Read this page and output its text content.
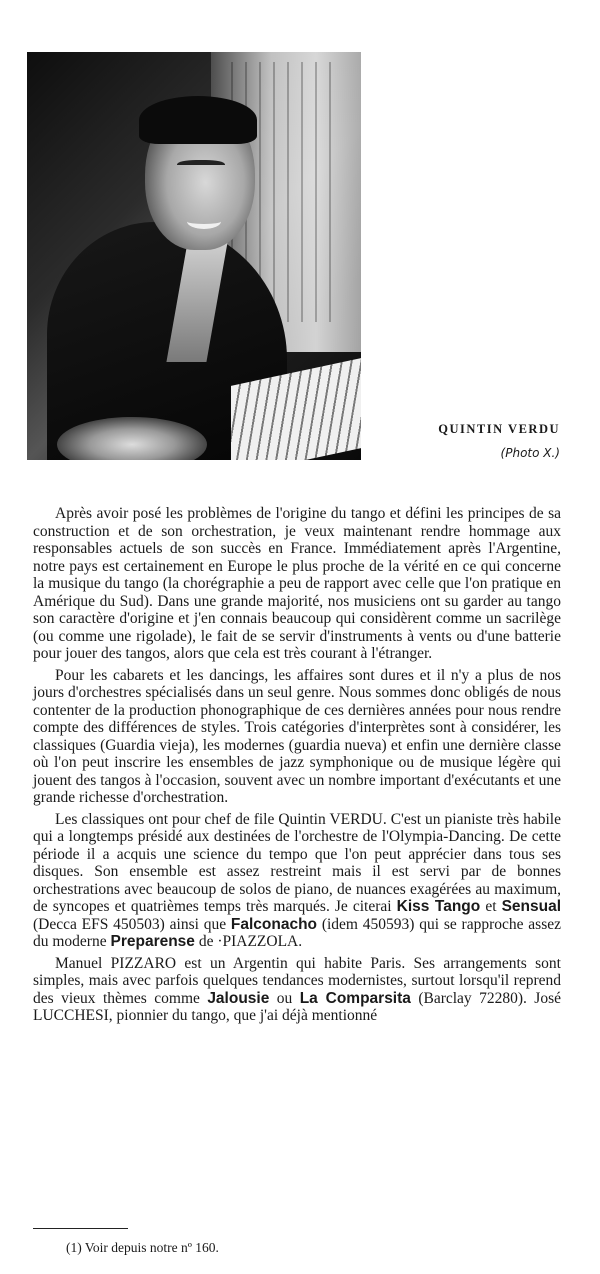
QUINTIN VERDU
(Photo X.)

Après avoir posé les problèmes de l'origine du tango et défini les principes de sa construction et de son orchestration, je veux maintenant rendre hommage aux responsables actuels de son succès en France. Immédiatement après l'Argentine, notre pays est certainement en Europe le plus proche de la vérité en ce qui concerne la musique du tango (la chorégraphie a peu de rapport avec celle que l'on pratique en Amérique du Sud). Dans une grande majorité, nos musiciens ont su garder au tango son caractère d'origine et j'en connais beaucoup qui considèrent comme un sacrilège (ou comme une rigolade), le fait de se servir d'instruments à vents ou d'une batterie pour jouer des tangos, alors que cela est très courant à l'étranger.

Pour les cabarets et les dancings, les affaires sont dures et il n'y a plus de nos jours d'orchestres spécialisés dans un seul genre. Nous sommes donc obligés de nous contenter de la production phonographique de ces dernières années pour nous rendre compte des différences de styles. Trois catégories d'interprètes sont à considérer, les classiques (Guardia vieja), les modernes (guardia nueva) et enfin une dernière classe où l'on peut inscrire les ensembles de jazz symphonique ou de musique légère qui jouent des tangos à l'occasion, souvent avec un nombre important d'exécutants et une grande richesse d'orchestration.

Les classiques ont pour chef de file Quintin VERDU. C'est un pianiste très habile qui a longtemps présidé aux destinées de l'orchestre de l'Olympia-Dancing. De cette période il a acquis une science du tempo que l'on peut apprécier dans tous ses disques. Son ensemble est assez restreint mais il est servi par de bonnes orchestrations avec beaucoup de solos de piano, de nuances exagérées au maximum, de syncopes et quatrièmes temps très marqués. Je citerai Kiss Tango et Sensual (Decca EFS 450503) ainsi que Falconacho (idem 450593) qui se rapproche assez du moderne Preparense de ·PIAZZOLA.

Manuel PIZZARO est un Argentin qui habite Paris. Ses arrangements sont simples, mais avec parfois quelques tendances modernistes, surtout lorsqu'il reprend des vieux thèmes comme Jalousie ou La Comparsita (Barclay 72280). José LUCCHESI, pionnier du tango, que j'ai déjà mentionné

(1) Voir depuis notre nº 160.
